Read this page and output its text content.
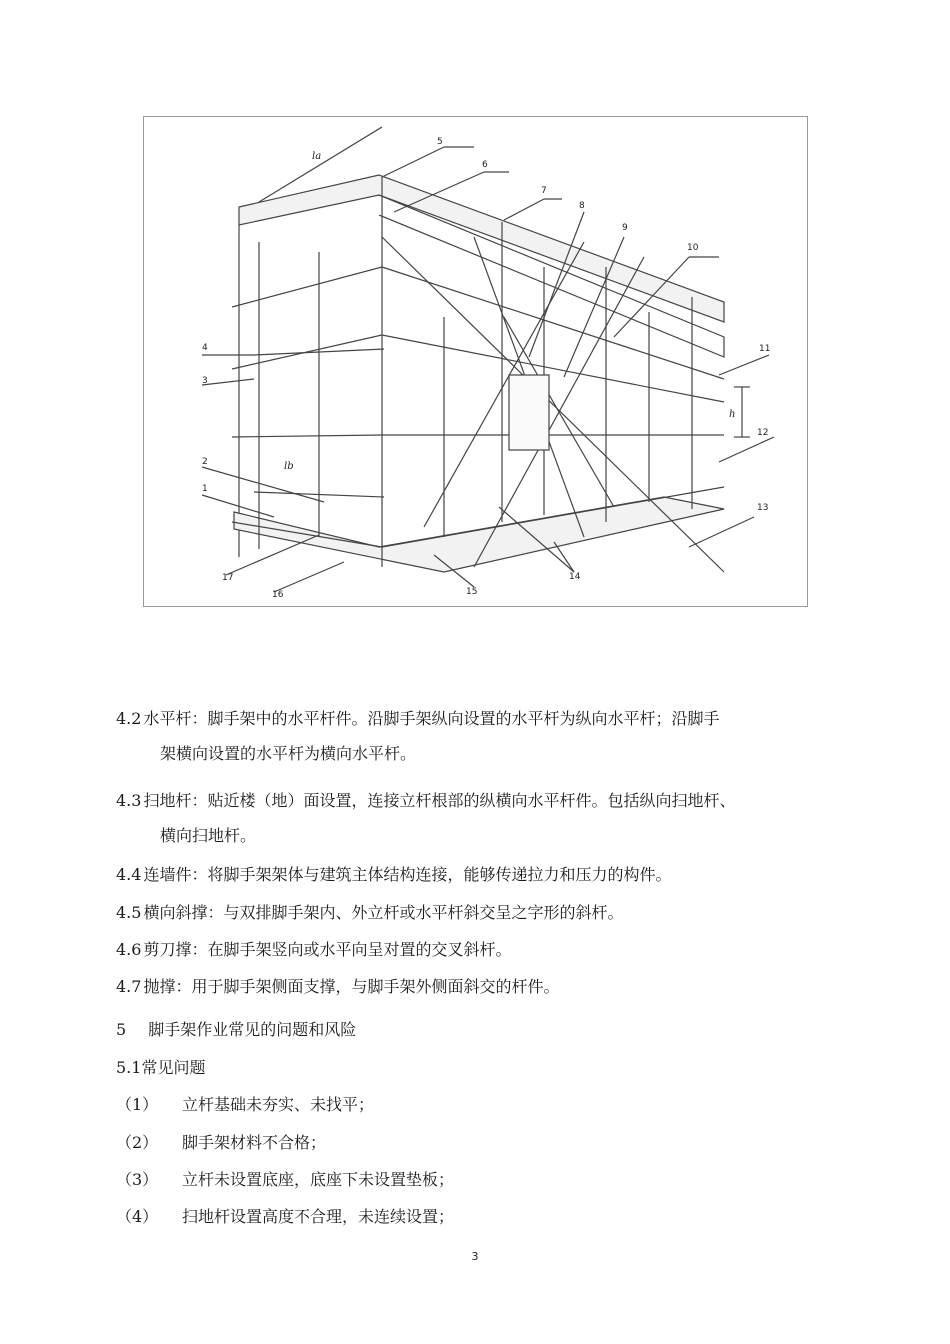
5
6
7
8
9
10
11
12
13
14
15
16
17
4
3
2
1
la
lb
h
4.2 水平杆：脚手架中的水平杆件。沿脚手架纵向设置的水平杆为纵向水平杆；沿脚手
架横向设置的水平杆为横向水平杆。
4.3 扫地杆：贴近楼（地）面设置，连接立杆根部的纵横向水平杆件。包括纵向扫地杆、
横向扫地杆。
4.4 连墙件：将脚手架架体与建筑主体结构连接，能够传递拉力和压力的构件。
4.5 横向斜撑：与双排脚手架内、外立杆或水平杆斜交呈之字形的斜杆。
4.6 剪刀撑：在脚手架竖向或水平向呈对置的交叉斜杆。
4.7 抛撑：用于脚手架侧面支撑，与脚手架外侧面斜交的杆件。
5 脚手架作业常见的问题和风险
5.1常见问题
（1） 立杆基础未夯实、未找平；
（2） 脚手架材料不合格；
（3） 立杆未设置底座，底座下未设置垫板；
（4） 扫地杆设置高度不合理，未连续设置；
3
